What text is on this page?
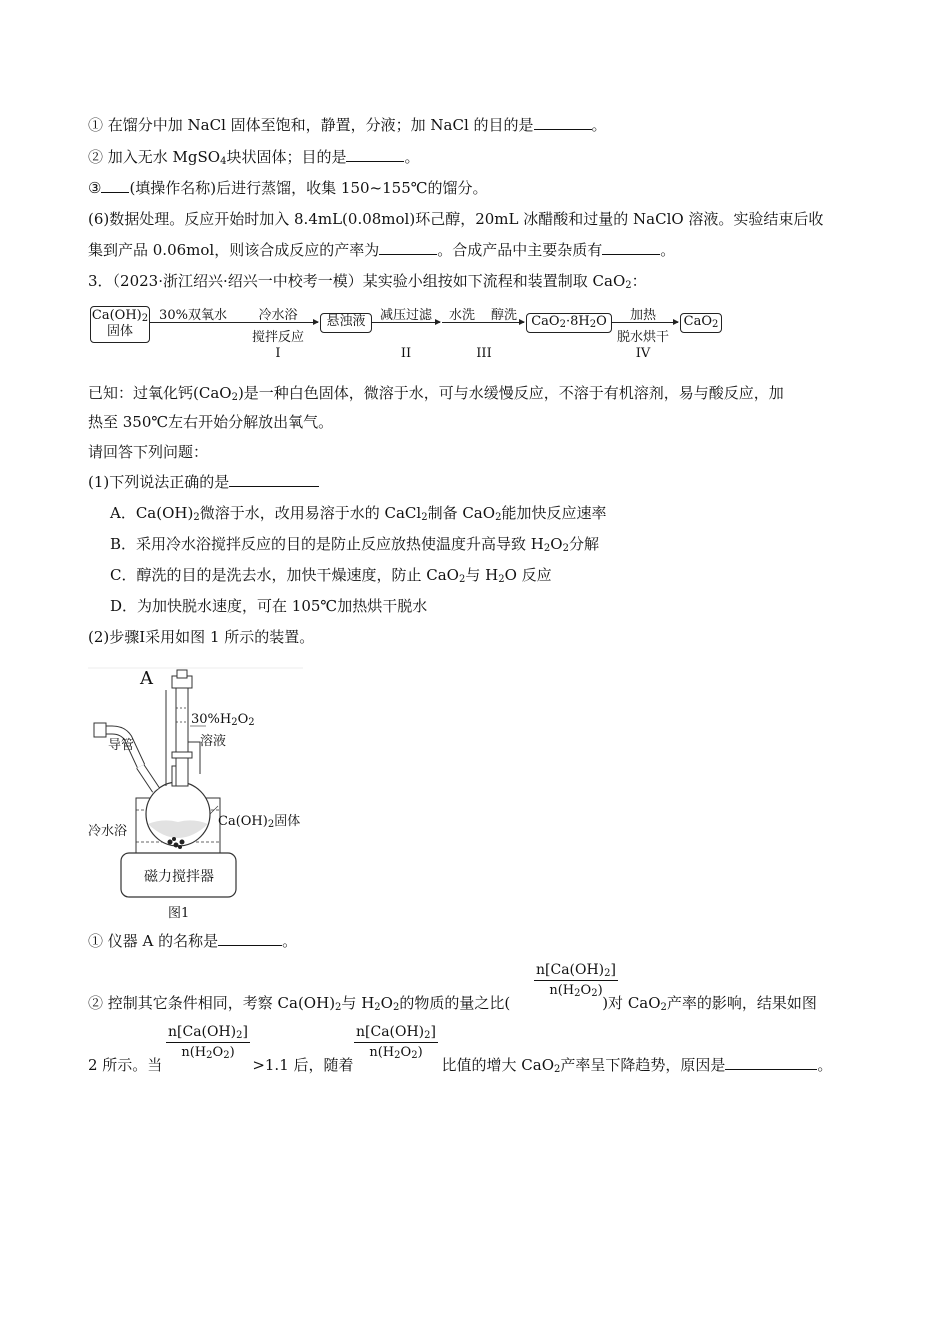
① 在馏分中加 NaCl 固体至饱和，静置，分液；加 NaCl 的目的是	。
② 加入无水 MgSO$_4$块状固体；目的是	。
③ (填操作名称)后进行蒸馏，收集 150~155℃的馏分。
(6)数据处理。反应开始时加入 8.4mL(0.08mol)环己醇，20mL 冰醋酸和过量的 NaClO 溶液。实验结束后收
集到产品 0.06mol，则该合成反应的产率为	。合成产品中主要杂质有	。
3．（2023·浙江绍兴·绍兴一中校考一模）某实验小组按如下流程和装置制取 CaO$_2$：
$Ca(OH)_2$
固体
30%双氧水	冷水浴
搅拌反应
I
悬浊液	减压过滤
II
水洗	醇洗
III
$CaO_2\cdot 8H_2O$	加热
脱水烘干
IV
CaO$_2$
已知：过氧化钙(CaO$_2$)是一种白色固体，微溶于水，可与水缓慢反应，不溶于有机溶剂，易与酸反应，加
热至 350℃左右开始分解放出氧气。
请回答下列问题：
(1)下列说法正确的是
A．$Ca(OH)_2$微溶于水，改用易溶于水的 CaCl$_2$制备 CaO$_2$能加快反应速率
B．采用冷水浴搅拌反应的目的是防止反应放热使温度升高导致 $H_2O_2$分解
C．醇洗的目的是洗去水，加快干燥速度，防止 CaO$_2$与 $H_2O$ 反应
D．为加快脱水速度，可在 105℃加热烘干脱水
(2)步骤Ⅰ采用如图 1 所示的装置。
A
$30\%H_2O_2$
溶液
导管
冷水浴
$Ca(OH)_2$固体
磁力搅拌器
图1
① 仪器 A 的名称是	。
$\frac{n[Ca(OH)_2]}{n(H_2O_2)}$
② 控制其它条件相同，考察 $Ca(OH)_2$与 $H_2O_2$的物质的量之比(	)对 CaO$_2$产率的影响，结果如图
$\frac{n[Ca(OH)_2]}{n(H_2O_2)}$	$\frac{n[Ca(OH)_2]}{n(H_2O_2)}$
2 所示。当	>1.1 后，随着	比值的增大 CaO$_2$产率呈下降趋势，原因是	。
